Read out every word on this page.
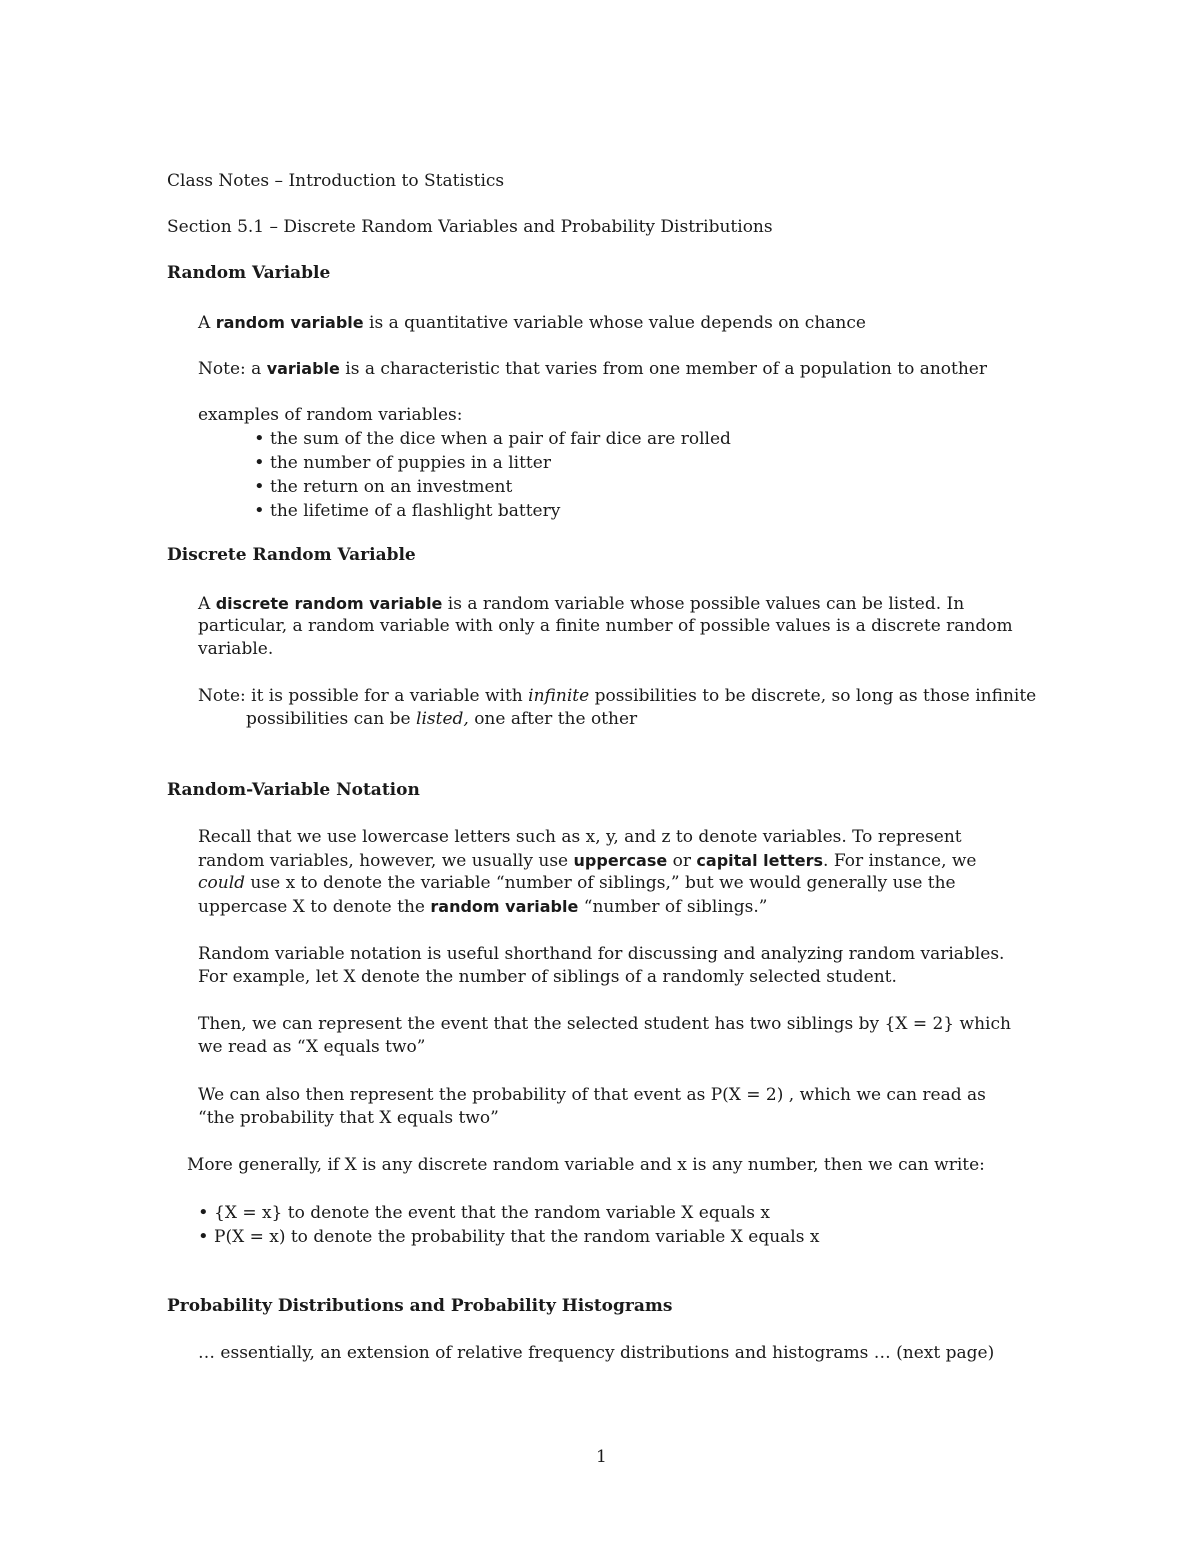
Class Notes – Introduction to Statistics

Section 5.1 – Discrete Random Variables and Probability Distributions

Random Variable

A random variable is a quantitative variable whose value depends on chance

Note: a variable is a characteristic that varies from one member of a population to another

examples of random variables:

• the sum of the dice when a pair of fair dice are rolled
• the number of puppies in a litter
• the return on an investment
• the lifetime of a flashlight battery

Discrete Random Variable

A discrete random variable is a random variable whose possible values can be listed. In

particular, a random variable with only a finite number of possible values is a discrete random

variable.

Note: it is possible for a variable with infinite possibilities to be discrete, so long as those infinite

possibilities can be listed, one after the other

Random-Variable Notation

Recall that we use lowercase letters such as x, y, and z to denote variables. To represent

random variables, however, we usually use uppercase or capital letters. For instance, we

could use x to denote the variable “number of siblings,” but we would generally use the

uppercase X to denote the random variable “number of siblings.”

Random variable notation is useful shorthand for discussing and analyzing random variables.

For example, let X denote the number of siblings of a randomly selected student.

Then, we can represent the event that the selected student has two siblings by {X = 2} which

we read as “X equals two”

We can also then represent the probability of that event as P(X = 2) , which we can read as

“the probability that X equals two”

More generally, if X is any discrete random variable and x is any number, then we can write:

• {X = x} to denote the event that the random variable X equals x
• P(X = x) to denote the probability that the random variable X equals x

Probability Distributions and Probability Histograms

… essentially, an extension of relative frequency distributions and histograms … (next page)

1
